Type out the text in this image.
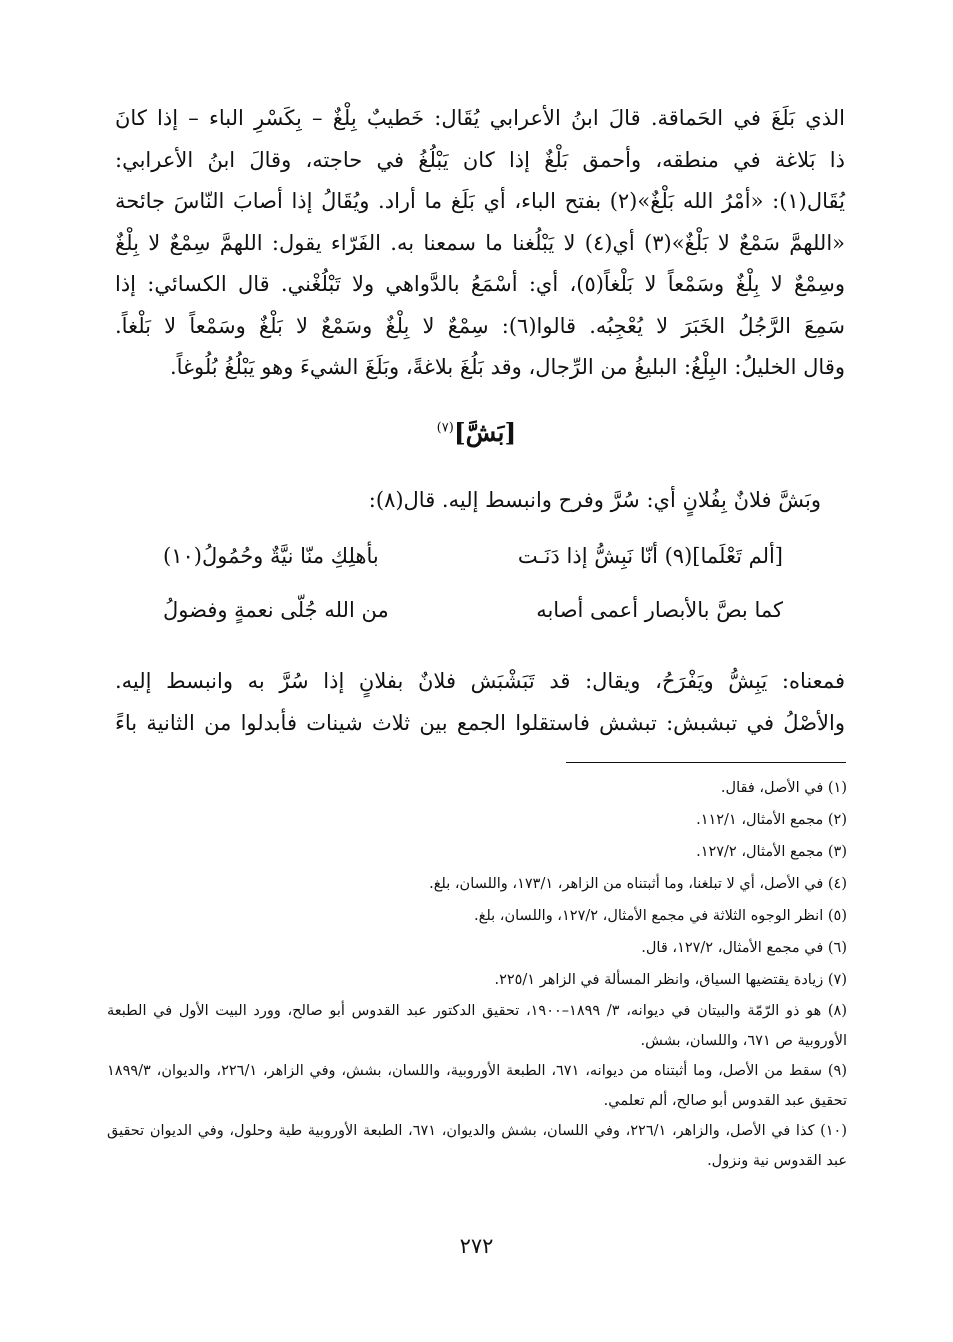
الذي بَلَغَ في الحَماقة. قالَ ابنُ الأعرابي يُقَال: خَطيبٌ بِلْغٌ – بِكَسْرِ الباء – إذا كانَ

ذا بَلاغة في منطقه، وأحمق بَلْغٌ إذا كان يَبْلُغُ في حاجته، وقالَ ابنُ الأعرابي:

يُقَال(١): «أمْرُ الله بَلْغٌ»(٢) بفتح الباء، أي بَلَغ ما أراد. ويُقَالُ إذا أصابَ النّاسَ جائحة

«اللهمَّ سَمْعٌ لا بَلْغٌ»(٣) أي(٤) لا يَبْلُغنا ما سمعنا به. الفَرّاء يقول: اللهمَّ سِمْعٌ لا بِلْغٌ

وسِمْعٌ لا بِلْغٌ وسَمْعاً لا بَلْغاً(٥)، أي: أسْمَعُ بالدَّواهي ولا تَبْلُغْني. قال الكسائي: إذا

سَمِعَ الرَّجُلُ الخَبَرَ لا يُعْجِبُه. قالوا(٦): سِمْعٌ لا بِلْغٌ وسَمْعٌ لا بَلْغٌ وسَمْعاً لا بَلْغاً.

وقال الخليلُ: البِلْغُ: البليغُ من الرِّجال، وقد بَلُغَ بلاغةً، وبَلَغَ الشيءَ وهو يَبْلُغُ بُلُوغاً.

[بَشَّ]$^{(٧)}$

وبَشَّ فلانٌ بِفُلانٍ أي: سُرَّ وفرح وانبسط إليه. قال(٨):

[ألم تَعْلَما](٩) أنّا نَبِشُّ إذا دَنَـت
بأهلِكِ منّا نيَّةٌ وحُمُولُ(١٠)
كما بصَّ بالأبصار أعمى أصابه
من الله جُلّى نعمةٍ وفضولُ

فمعناه: يَبِشُّ ويَفْرَحُ، ويقال: قد تَبَشْبَش فلانٌ بفلانٍ إذا سُرَّ به وانبسط إليه.

والأصْلُ في تبشبش: تبشش فاستقلوا الجمع بين ثلاث شينات فأبدلوا من الثانية باءً

(١) في الأصل، فقال.

(٢) مجمع الأمثال، ١١٢/١.

(٣) مجمع الأمثال، ١٢٧/٢.

(٤) في الأصل، أي لا تبلغنا، وما أثبتناه من الزاهر، ١٧٣/١، واللسان، بلغ.

(٥) انظر الوجوه الثلاثة في مجمع الأمثال، ١٢٧/٢، واللسان، بلغ.

(٦) في مجمع الأمثال، ١٢٧/٢، قال.

(٧) زيادة يقتضيها السياق، وانظر المسألة في الزاهر ٢٢٥/١.

(٨) هو ذو الرّمّة والبيتان في ديوانه، ٣/ ١٨٩٩–١٩٠٠، تحقيق الدكتور عبد القدوس أبو صالح، وورد البيت الأول في الطبعة الأوروبية ص ٦٧١، واللسان، بشش.

(٩) سقط من الأصل، وما أثبتناه من ديوانه، ٦٧١، الطبعة الأوروبية، واللسان، بشش، وفي الزاهر، ٢٢٦/١، والديوان، ١٨٩٩/٣ تحقيق عبد القدوس أبو صالح، ألم تعلمي.

(١٠) كذا في الأصل، والزاهر، ٢٢٦/١، وفي اللسان، بشش والديوان، ٦٧١، الطبعة الأوروبية طية وحلول، وفي الديوان تحقيق عبد القدوس نية ونزول.

٢٧٢
